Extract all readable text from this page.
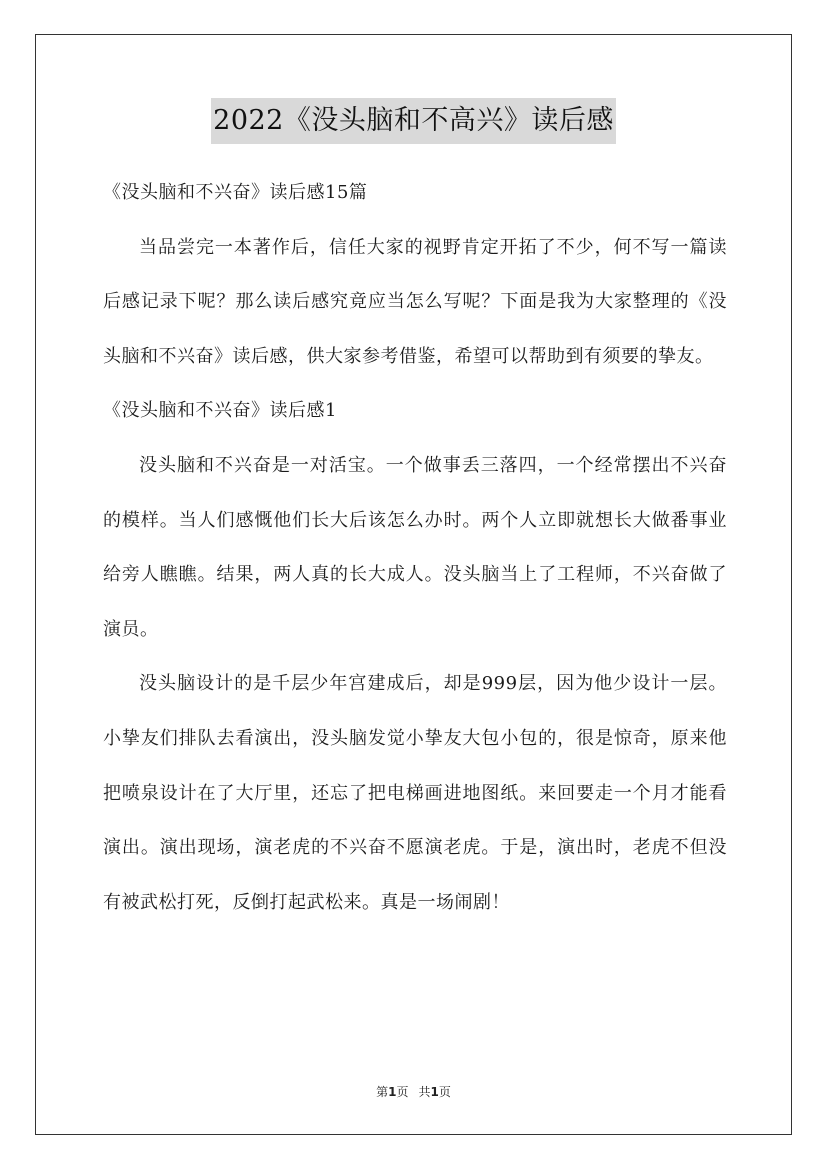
2022《没头脑和不高兴》读后感
《没头脑和不兴奋》读后感15篇
当品尝完一本著作后，信任大家的视野肯定开拓了不少，何不写一篇读后感记录下呢？那么读后感究竟应当怎么写呢？下面是我为大家整理的《没头脑和不兴奋》读后感，供大家参考借鉴，希望可以帮助到有须要的挚友。
《没头脑和不兴奋》读后感1
没头脑和不兴奋是一对活宝。一个做事丢三落四，一个经常摆出不兴奋的模样。当人们感慨他们长大后该怎么办时。两个人立即就想长大做番事业给旁人瞧瞧。结果，两人真的长大成人。没头脑当上了工程师，不兴奋做了演员。
没头脑设计的是千层少年宫建成后，却是999层，因为他少设计一层。小挚友们排队去看演出，没头脑发觉小挚友大包小包的，很是惊奇，原来他把喷泉设计在了大厅里，还忘了把电梯画进地图纸。来回要走一个月才能看演出。演出现场，演老虎的不兴奋不愿演老虎。于是，演出时，老虎不但没有被武松打死，反倒打起武松来。真是一场闹剧！
第1页 共1页
